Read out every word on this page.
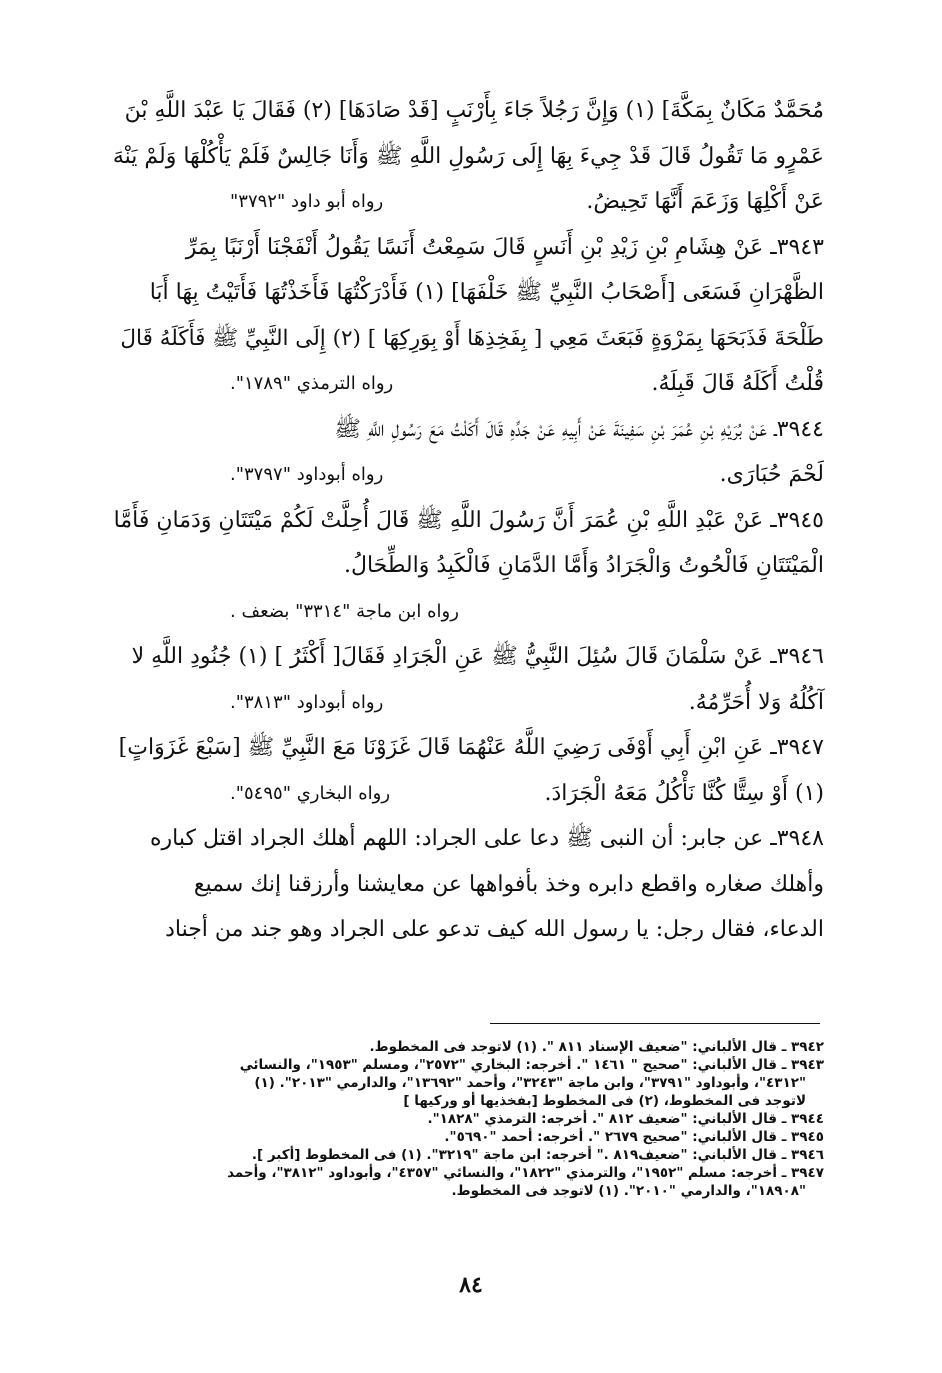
مُحَمَّدٌ مَكَانٌ بِمَكَّةَ] (١) وَإِنَّ رَجُلاً جَاءَ بِأَرْنَبٍ [قَدْ صَادَهَا] (٢) فَقَالَ يَا عَبْدَ اللَّهِ بْنَ
عَمْرٍو مَا تَقُولُ قَالَ قَدْ جِيءَ بِهَا إِلَى رَسُولِ اللَّهِ ﷺ وَأَنَا جَالِسٌ فَلَمْ يَأْكُلْهَا وَلَمْ يَنْهَ
عَنْ أَكْلِهَا وَزَعَمَ أَنَّهَا تَحِيضُ.
رواه أبو داود "٣٧٩٢"
٣٩٤٣ـ عَنْ هِشَامِ بْنِ زَيْدِ بْنِ أَنَسٍ قَالَ سَمِعْتُ أَنَسًا يَقُولُ أَنْفَجْنَا أَرْنَبًا بِمَرِّ
الظَّهْرَانِ فَسَعَى [أَصْحَابُ النَّبِيِّ ﷺ خَلْفَهَا] (١) فَأَدْرَكْتُهَا فَأَخَذْتُهَا فَأَتَيْتُ بِهَا أَبَا
طَلْحَةَ فَذَبَحَهَا بِمَرْوَةٍ فَبَعَثَ مَعِي [ بِفَخِذِهَا أَوْ بِوَرِكِهَا ] (٢) إِلَى النَّبِيِّ ﷺ فَأَكَلَهُ قَالَ
قُلْتُ أَكَلَهُ قَالَ قَبِلَهُ.
رواه الترمذي "١٧٨٩".
٣٩٤٤ـ عَنْ بُرَيْهِ بْنِ عُمَرَ بْنِ سَفِينَةَ عَنْ أَبِيهِ عَنْ جَدِّهِ قَالَ أَكَلْتُ مَعَ رَسُولِ اللَّهِ ﷺ
لَحْمَ حُبَارَى.
رواه أبوداود "٣٧٩٧".
٣٩٤٥ـ عَنْ عَبْدِ اللَّهِ بْنِ عُمَرَ أَنَّ رَسُولَ اللَّهِ ﷺ قَالَ أُحِلَّتْ لَكُمْ مَيْتَتَانِ وَدَمَانِ فَأَمَّا
الْمَيْتَتَانِ فَالْحُوتُ وَالْجَرَادُ وَأَمَّا الدَّمَانِ فَالْكَبِدُ وَالطِّحَالُ.
رواه ابن ماجة "٣٣١٤" بضعف .
٣٩٤٦ـ عَنْ سَلْمَانَ قَالَ سُئِلَ النَّبِيُّ ﷺ عَنِ الْجَرَادِ فَقَالَ[ أَكْثَرُ ] (١) جُنُودِ اللَّهِ لا
آكُلُهُ وَلا أُحَرِّمُهُ.
رواه أبوداود "٣٨١٣".
٣٩٤٧ـ عَنِ ابْنِ أَبِي أَوْفَى رَضِيَ اللَّهُ عَنْهُمَا قَالَ غَزَوْنَا مَعَ النَّبِيِّ ﷺ [سَبْعَ غَزَوَاتٍ]
(١) أَوْ سِتًّا كُنَّا نَأْكُلُ مَعَهُ الْجَرَادَ.
رواه البخاري "٥٤٩٥".
٣٩٤٨ـ عن جابر: أن النبى ﷺ دعا على الجراد: اللهم أهلك الجراد اقتل كباره
وأهلك صغاره واقطع دابره وخذ بأفواهها عن معايشنا وأرزقنا إنك سميع
الدعاء، فقال رجل: يا رسول الله كيف تدعو على الجراد وهو جند من أجناد
٣٩٤٢ ـ قال الألباني: "ضعيف الإسناد ٨١١ ". (١) لاتوجد فى المخطوط.
٣٩٤٣ ـ قال الألباني: "صحيح " ١٤٦١ ". أخرجه: البخاري "٢٥٧٢"، ومسلم "١٩٥٣"، والنسائي
"٤٣١٢"، وأبوداود "٣٧٩١"، وابن ماجة "٣٢٤٣"، وأحمد "١٣٦٩٢"، والدارمي "٢٠١٣". (١)
لاتوجد فى المخطوط، (٢) فى المخطوط [بفخذيها أو وركيها ]
٣٩٤٤ ـ قال الألباني: "ضعيف ٨١٢ ". أخرجه: الترمذي "١٨٢٨".
٣٩٤٥ ـ قال الألباني: "صحيح ٢٦٧٩ ". أخرجه: أحمد "٥٦٩٠".
٣٩٤٦ ـ قال الألباني: "ضعيف٨١٩ ." أخرجه: ابن ماجة "٣٢١٩". (١) فى المخطوط [أكبر ].
٣٩٤٧ ـ أخرجه: مسلم "١٩٥٢"، والترمذي "١٨٢٢"، والنسائي "٤٣٥٧"، وأبوداود "٣٨١٢"، وأحمد
"١٨٩٠٨"، والدارمي "٢٠١٠". (١) لاتوجد فى المخطوط.
٨٤
